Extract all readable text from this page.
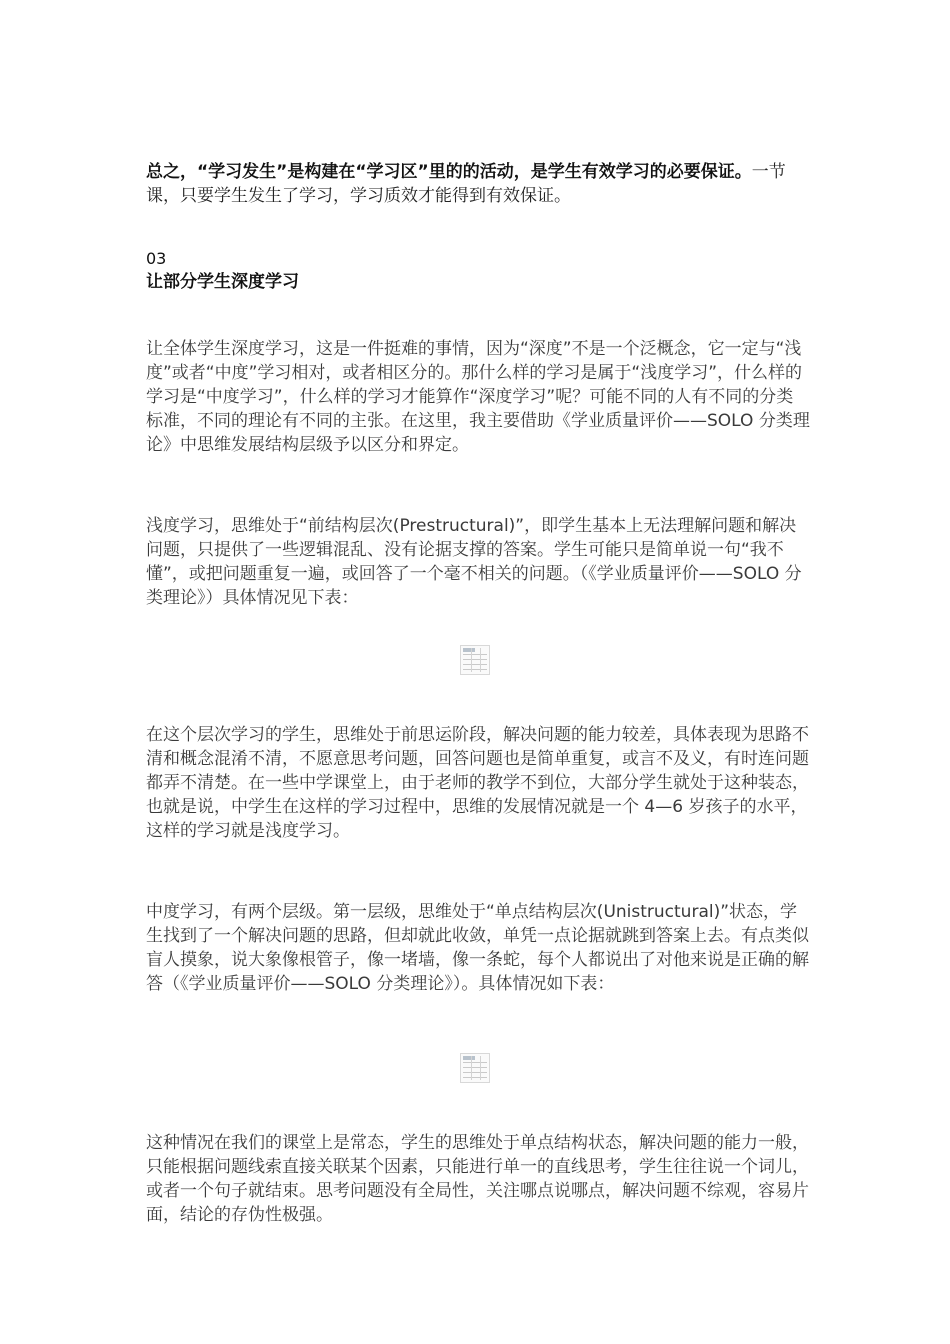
总之，“学习发生”是构建在“学习区”里的的活动，是学生有效学习的必要保证。一节课，只要学生发生了学习，学习质效才能得到有效保证。

03
让部分学生深度学习

让全体学生深度学习，这是一件挺难的事情，因为“深度”不是一个泛概念，它一定与“浅度”或者“中度”学习相对，或者相区分的。那什么样的学习是属于“浅度学习”，什么样的学习是“中度学习”，什么样的学习才能算作“深度学习”呢？可能不同的人有不同的分类标准，不同的理论有不同的主张。在这里，我主要借助《学业质量评价——SOLO 分类理论》中思维发展结构层级予以区分和界定。

浅度学习，思维处于“前结构层次(Prestructural)”，即学生基本上无法理解问题和解决问题，只提供了一些逻辑混乱、没有论据支撑的答案。学生可能只是简单说一句“我不懂”，或把问题重复一遍，或回答了一个毫不相关的问题。（《学业质量评价——SOLO 分类理论》）具体情况见下表：

在这个层次学习的学生，思维处于前思运阶段，解决问题的能力较差，具体表现为思路不清和概念混淆不清，不愿意思考问题，回答问题也是简单重复，或言不及义，有时连问题都弄不清楚。在一些中学课堂上，由于老师的教学不到位，大部分学生就处于这种装态，也就是说，中学生在这样的学习过程中，思维的发展情况就是一个 4—6 岁孩子的水平，这样的学习就是浅度学习。

中度学习，有两个层级。第一层级，思维处于“单点结构层次(Unistructural)”状态，学生找到了一个解决问题的思路，但却就此收敛，单凭一点论据就跳到答案上去。有点类似盲人摸象，说大象像根管子，像一堵墙，像一条蛇，每个人都说出了对他来说是正确的解答（《学业质量评价——SOLO 分类理论》）。具体情况如下表：

这种情况在我们的课堂上是常态，学生的思维处于单点结构状态，解决问题的能力一般，只能根据问题线索直接关联某个因素，只能进行单一的直线思考，学生往往说一个词儿，或者一个句子就结束。思考问题没有全局性，关注哪点说哪点，解决问题不综观，容易片面，结论的存伪性极强。
